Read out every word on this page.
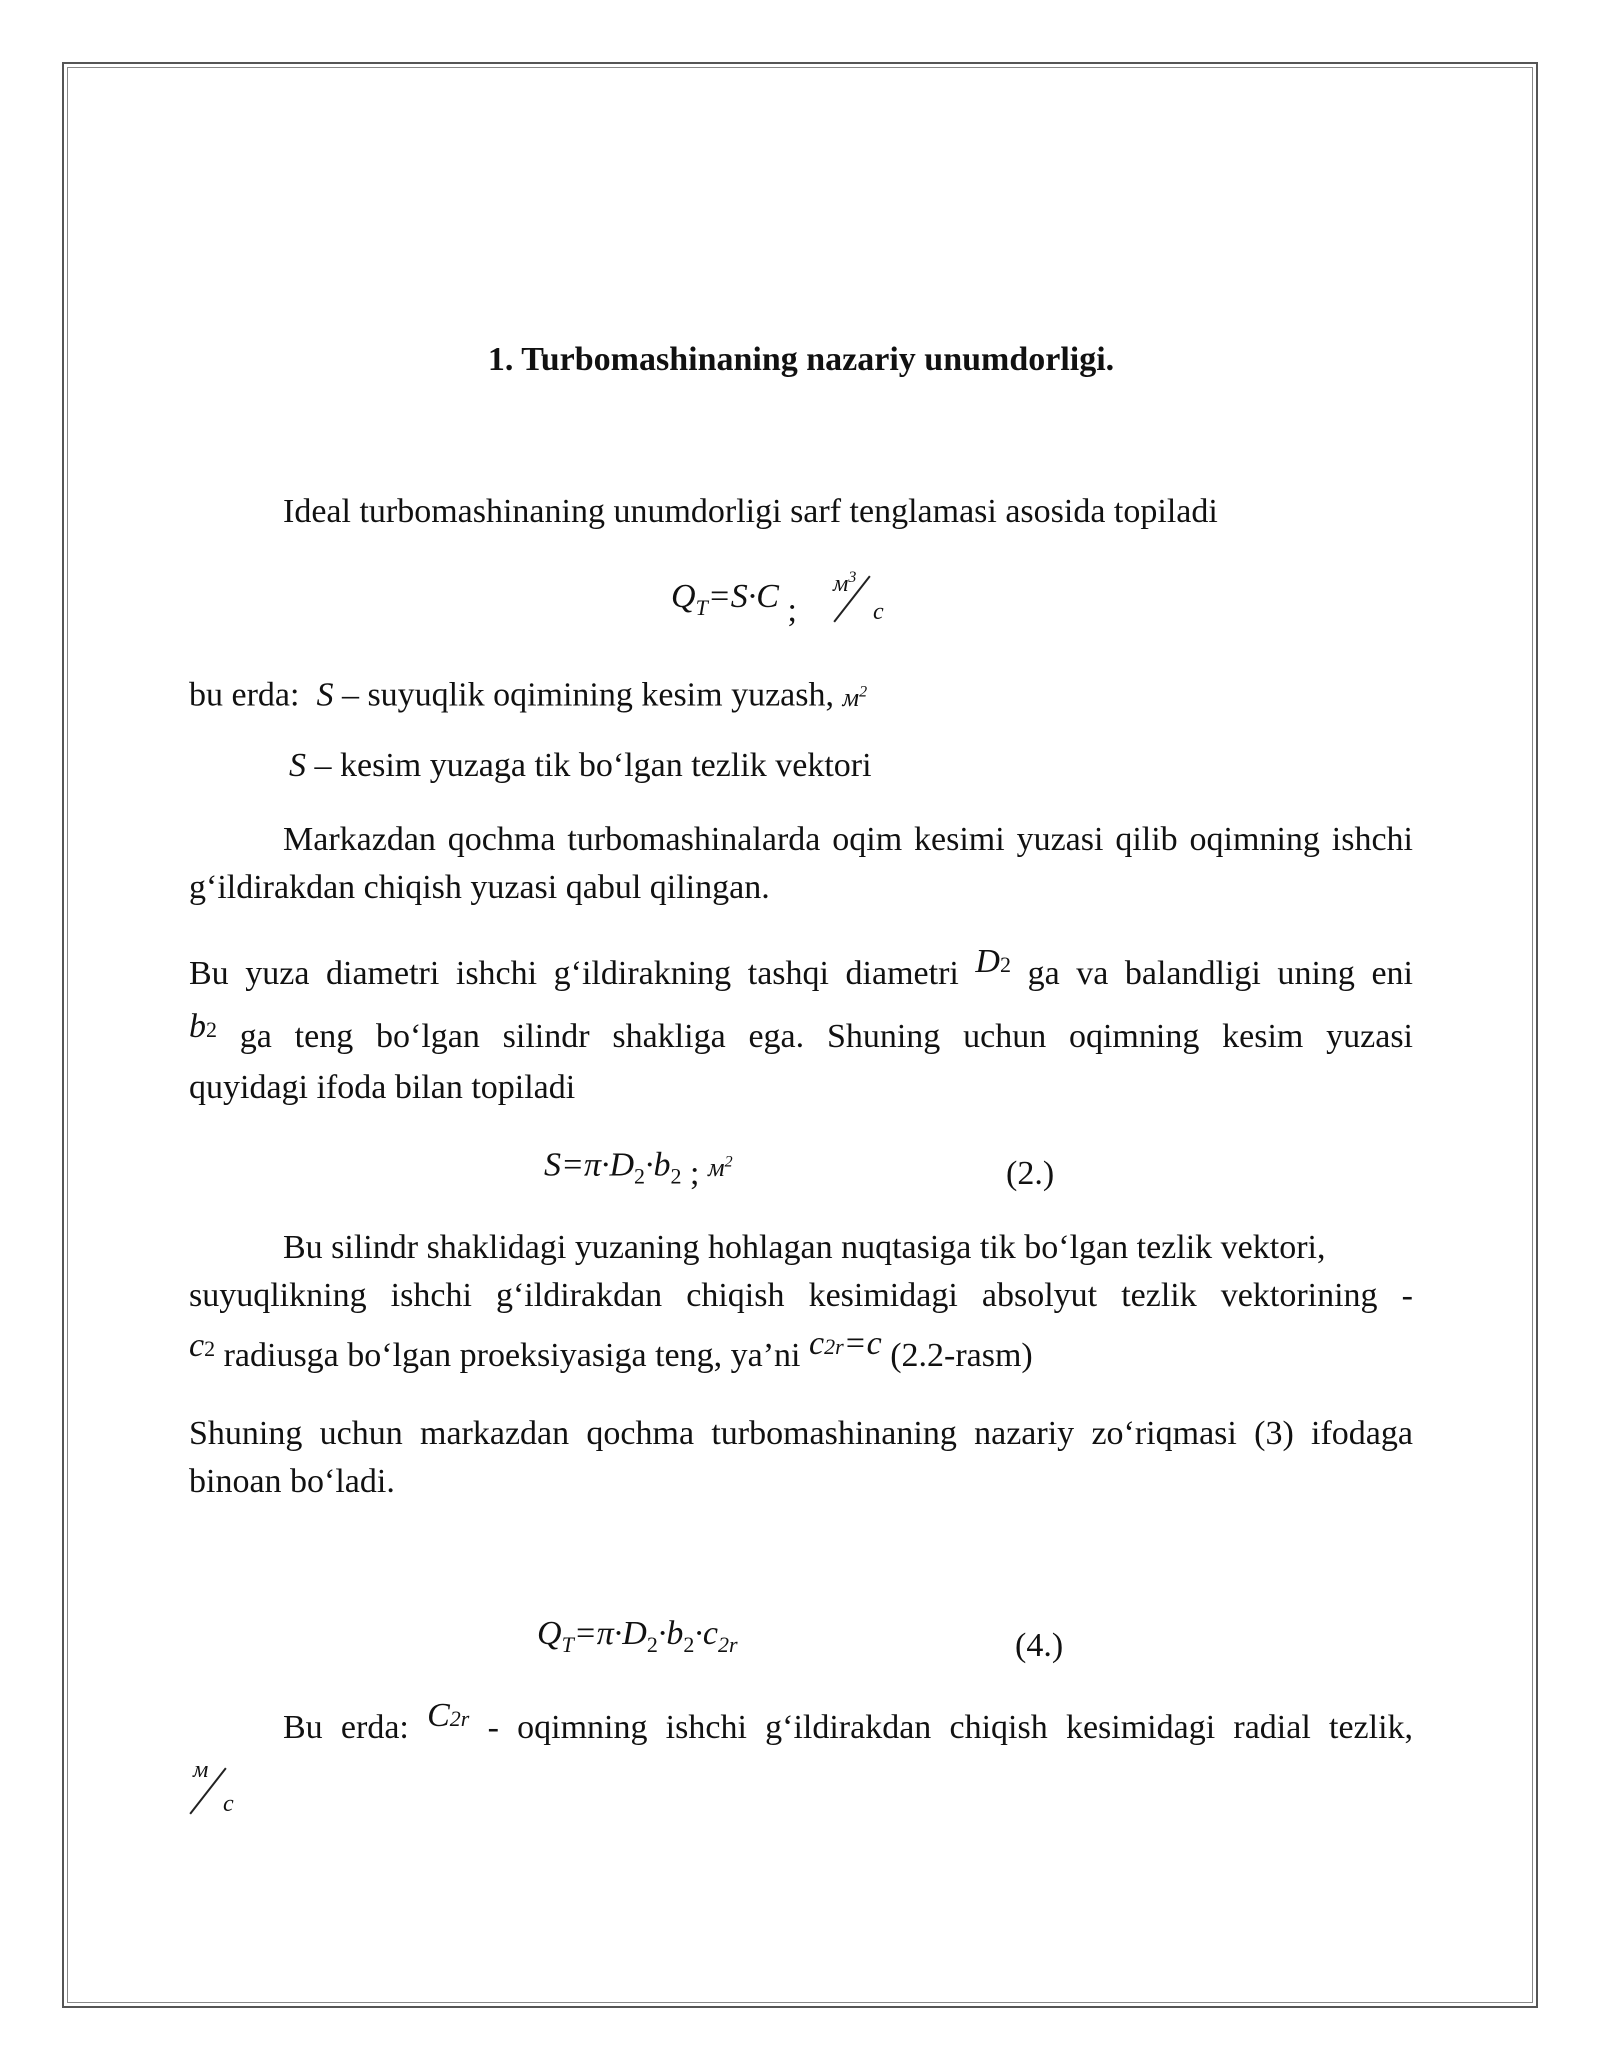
1. Turbomashinaning nazariy unumdorligi.
Ideal turbomashinaning unumdorligi sarf tenglamasi asosida topiladi
$Q_T=S\cdot C$ ;
$м^3$
с
bu erda: S – suyuqlik oqimining kesim yuzash, $м^2$
S – kesim yuzaga tik bo‘lgan tezlik vektori
Markazdan qochma turbomashinalarda oqim kesimi yuzasi qilib oqimning ishchi g‘ildirakdan chiqish yuzasi qabul qilingan.
Bu yuza diametri ishchi g‘ildirakning tashqi diametri D2 ga va balandligi uning eni
b2 ga teng bo‘lgan silindr shakliga ega. Shuning uchun oqimning kesim yuzasi
quyidagi ifoda bilan topiladi
$S=\pi\cdot D_2\cdot b_2$ ; $м^2$	(2.)
Bu silindr shaklidagi yuzaning hohlagan nuqtasiga tik bo‘lgan tezlik vektori,
suyuqlikning ishchi g‘ildirakdan chiqish kesimidagi absolyut tezlik vektorining -
c2 radiusga bo‘lgan proeksiyasiga teng, ya’ni c2r=c (2.2-rasm)
Shuning uchun markazdan qochma turbomashinaning nazariy zo‘riqmasi (3) ifodaga binoan bo‘ladi.
$Q_T=\pi\cdot D_2\cdot b_2\cdot c_{2r}$	(4.)
Bu erda: C2r - oqimning ishchi g‘ildirakdan chiqish kesimidagi radial tezlik,
м
с
